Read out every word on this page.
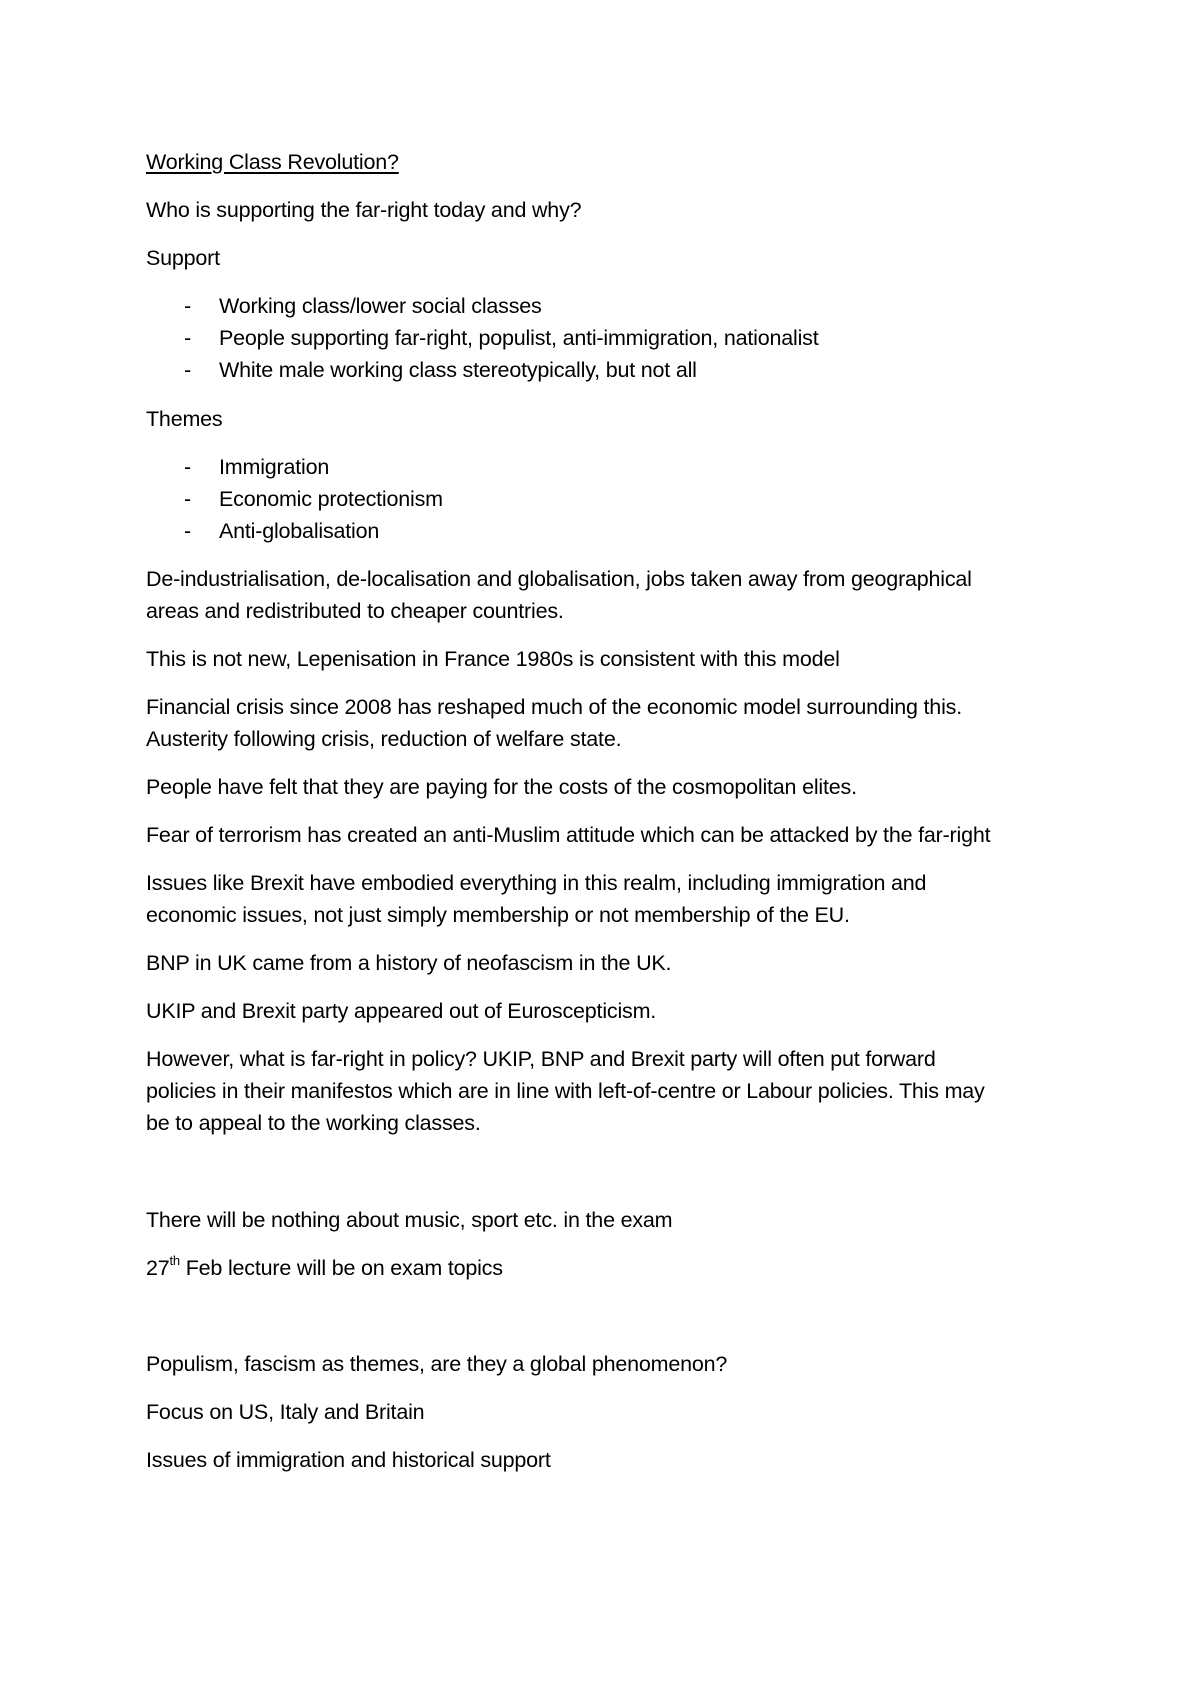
Working Class Revolution?
Who is supporting the far-right today and why?
Support
- Working class/lower social classes
- People supporting far-right, populist, anti-immigration, nationalist
- White male working class stereotypically, but not all
Themes
- Immigration
- Economic protectionism
- Anti-globalisation
De-industrialisation, de-localisation and globalisation, jobs taken away from geographical
areas and redistributed to cheaper countries.
This is not new, Lepenisation in France 1980s is consistent with this model
Financial crisis since 2008 has reshaped much of the economic model surrounding this.
Austerity following crisis, reduction of welfare state.
People have felt that they are paying for the costs of the cosmopolitan elites.
Fear of terrorism has created an anti-Muslim attitude which can be attacked by the far-right
Issues like Brexit have embodied everything in this realm, including immigration and
economic issues, not just simply membership or not membership of the EU.
BNP in UK came from a history of neofascism in the UK.
UKIP and Brexit party appeared out of Euroscepticism.
However, what is far-right in policy? UKIP, BNP and Brexit party will often put forward
policies in their manifestos which are in line with left-of-centre or Labour policies. This may
be to appeal to the working classes.
There will be nothing about music, sport etc. in the exam
27th Feb lecture will be on exam topics
Populism, fascism as themes, are they a global phenomenon?
Focus on US, Italy and Britain
Issues of immigration and historical support
